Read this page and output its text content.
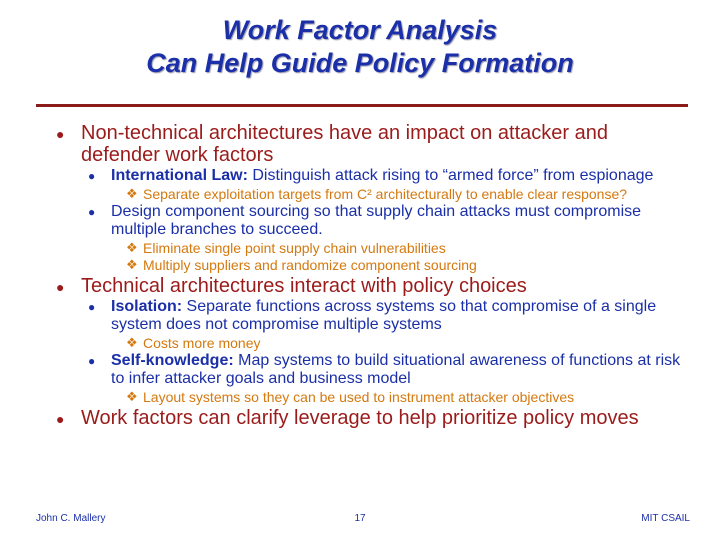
Work Factor Analysis
Can Help Guide Policy Formation
● Non-technical architectures have an impact on attacker and defender work factors
● International Law: Distinguish attack rising to “armed force” from espionage
❖ Separate exploitation targets from C² architecturally to enable clear response?
● Design component sourcing so that supply chain attacks must compromise multiple branches to succeed.
❖ Eliminate single point supply chain vulnerabilities
❖ Multiply suppliers and randomize component sourcing
● Technical architectures interact with policy choices
● Isolation: Separate functions across systems so that compromise of a single system does not compromise multiple systems
❖ Costs more money
● Self-knowledge: Map systems to build situational awareness of functions at risk to infer attacker goals and business model
❖ Layout systems so they can be used to instrument attacker objectives
● Work factors can clarify leverage to help prioritize policy moves
John C. Mallery	17	MIT CSAIL
